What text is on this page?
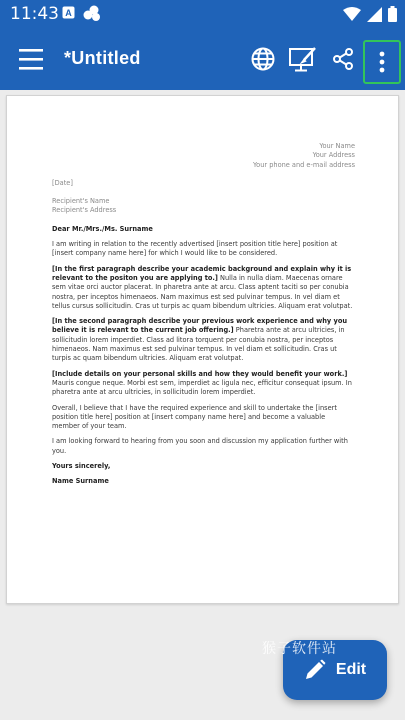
11:43 A
*Untitled
Your Name
Your Address
Your phone and e-mail address
[Date]
Recipient's Name
Recipient's Address

Dear Mr./Mrs./Ms. Surname

I am writing in relation to the recently advertised [insert position title here] position at [insert company name here] for which I would like to be considered.

[In the first paragraph describe your academic background and explain why it is relevant to the positon you are applying to.] Nulla in nulla diam. Maecenas ornare sem vitae orci auctor placerat. In pharetra ante at arcu. Class aptent taciti so per conubia nostra, per inceptos himenaeos. Nam maximus est sed pulvinar tempus. In vel diam et tellus cursus sollicitudin. Cras ut turpis ac quam bibendum ultricies. Aliquam erat volutpat.

[In the second paragraph describe your previous work experience and why you believe it is relevant to the current job offering.] Pharetra ante at arcu ultricies, in sollicitudin lorem imperdiet. Class ad litora torquent per conubia nostra, per inceptos himenaeos. Nam maximus est sed pulvinar tempus. In vel diam et sollicitudin. Cras ut turpis ac quam bibendum ultricies. Aliquam erat volutpat.

[Include details on your personal skills and how they would benefit your work.] Mauris congue neque. Morbi est sem, imperdiet ac ligula nec, efficitur consequat ipsum. In pharetra ante at arcu ultricies, in sollicitudin lorem imperdiet.

Overall, I believe that I have the required experience and skill to undertake the [insert position title here] position at [insert company name here] and become a valuable member of your team.

I am looking forward to hearing from you soon and discussion my application further with you.

Yours sincerely,

Name Surname

猴子软件站
Edit
